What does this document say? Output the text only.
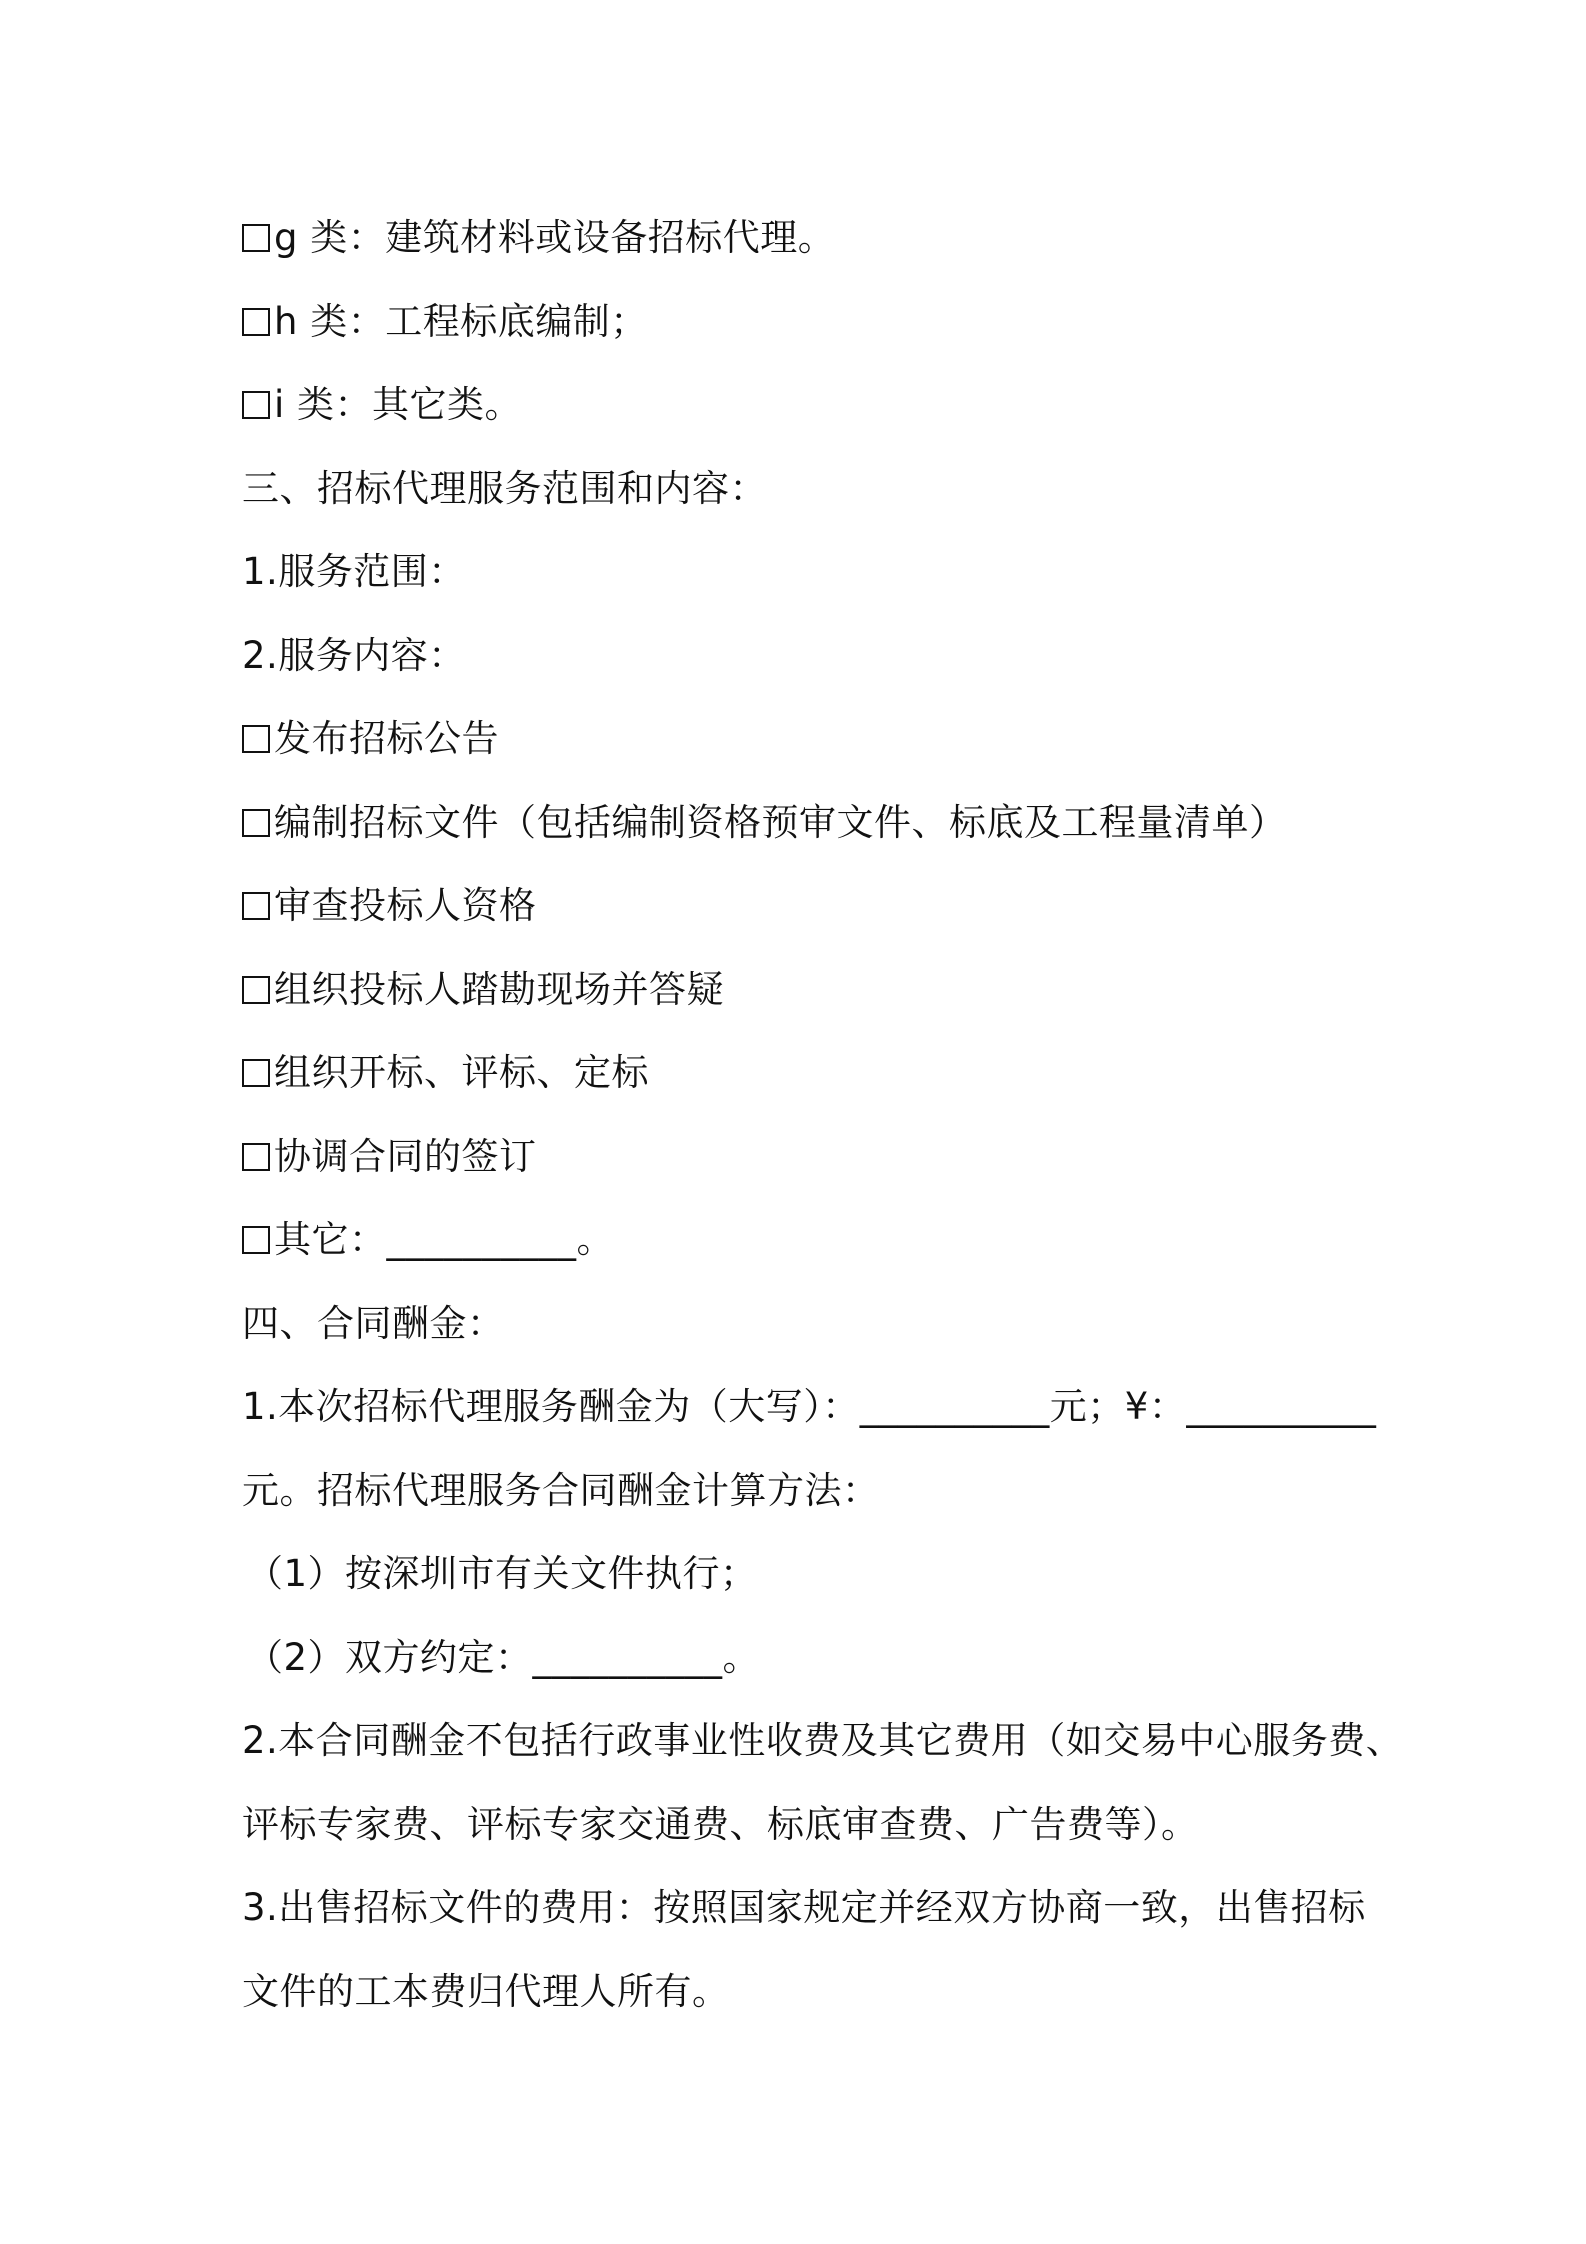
g 类：建筑材料或设备招标代理。
h 类：工程标底编制；
i 类：其它类。
三、招标代理服务范围和内容：
1.服务范围：
2.服务内容：
发布招标公告
编制招标文件（包括编制资格预审文件、标底及工程量清单）
审查投标人资格
组织投标人踏勘现场并答疑
组织开标、评标、定标
协调合同的签订
其它：__________。
四、合同酬金：
1.本次招标代理服务酬金为（大写）：__________元；¥：__________
元。招标代理服务合同酬金计算方法：
（1）按深圳市有关文件执行；
（2）双方约定：__________。
2.本合同酬金不包括行政事业性收费及其它费用（如交易中心服务费、
评标专家费、评标专家交通费、标底审查费、广告费等）。
3.出售招标文件的费用：按照国家规定并经双方协商一致，出售招标
文件的工本费归代理人所有。
